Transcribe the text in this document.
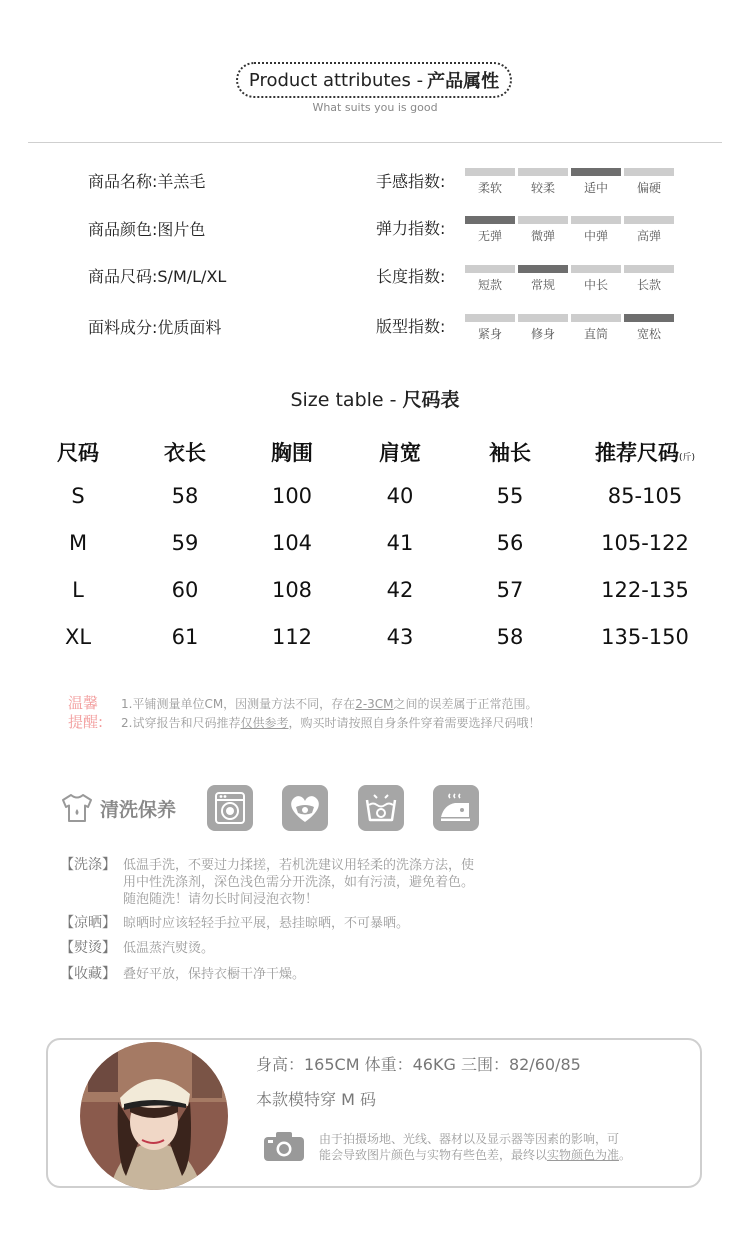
Product attributes - 产品属性
What suits you is good
商品名称:羊羔毛
商品颜色:图片色
商品尺码:S/M/L/XL
面料成分:优质面料
手感指数:	柔软	较柔	适中	偏硬
弹力指数:	无弹	微弹	中弹	高弹
长度指数:	短款	常规	中长	长款
版型指数:	紧身	修身	直筒	宽松
Size table - 尺码表
尺码	衣长	胸围	肩宽	袖长	推荐尺码(斤)
S	58	100	40	55	85-105
M	59	104	41	56	105-122
L	60	108	42	57	122-135
XL	61	112	43	58	135-150
温馨
提醒:
1.平铺测量单位CM，因测量方法不同，存在2-3CM之间的误差属于正常范围。
2.试穿报告和尺码推荐仅供参考，购买时请按照自身条件穿着需要选择尺码哦！
清洗保养
【洗涤】 低温手洗，不要过力揉搓，若机洗建议用轻柔的洗涤方法，使
用中性洗涤剂，深色浅色需分开洗涤，如有污渍，避免着色。
随泡随洗！请勿长时间浸泡衣物！
【凉晒】 晾晒时应该轻轻手拉平展，悬挂晾晒，不可暴晒。
【熨烫】 低温蒸汽熨烫。
【收藏】 叠好平放，保持衣橱干净干燥。
身高：165CM 体重：46KG 三围：82/60/85
本款模特穿 M 码
由于拍摄场地、光线、器材以及显示器等因素的影响，可
能会导致图片颜色与实物有些色差，最终以实物颜色为准。
